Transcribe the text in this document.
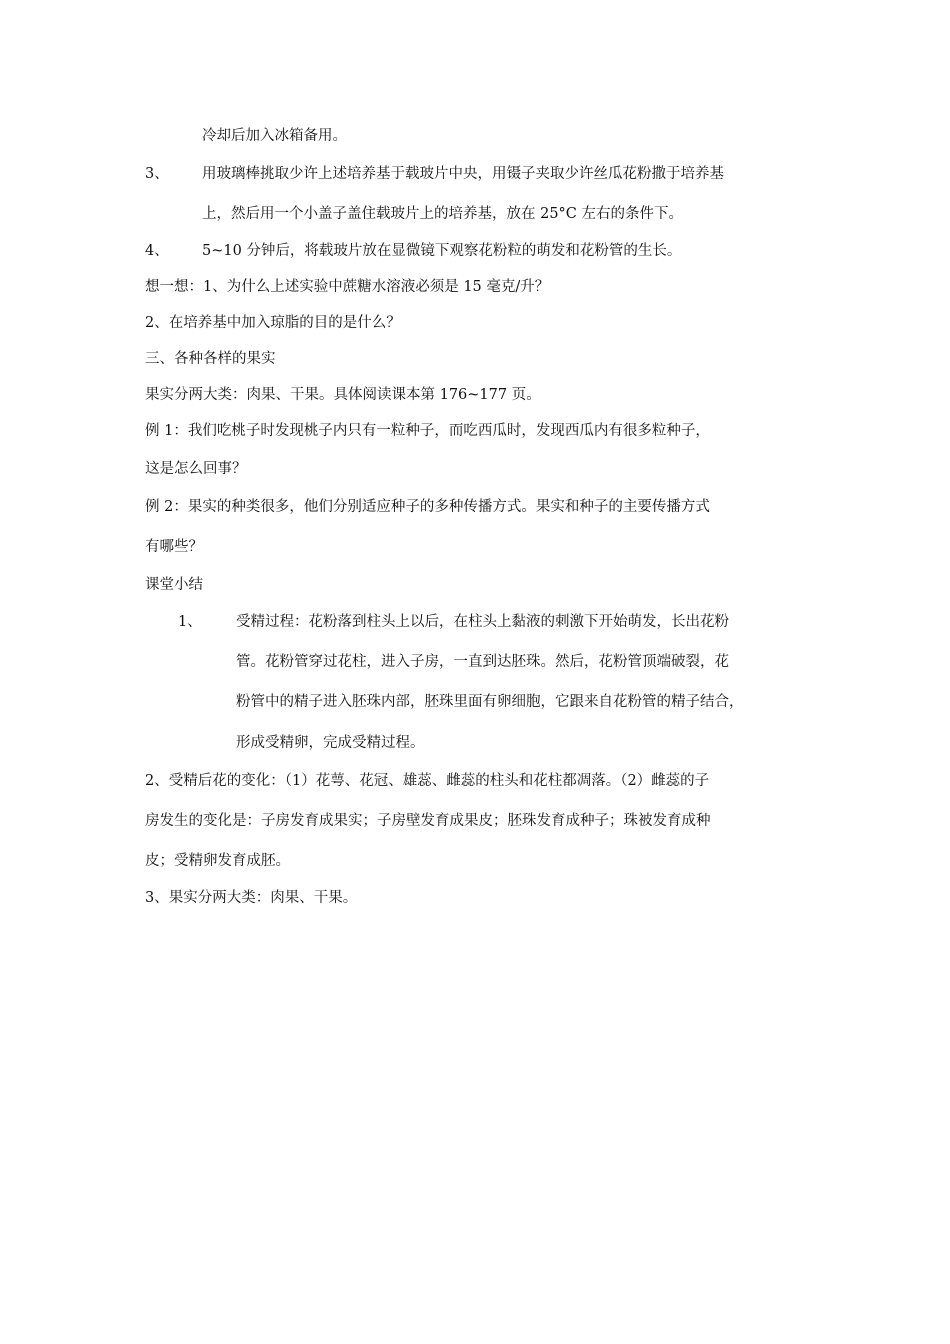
冷却后加入冰箱备用。
3、 用玻璃棒挑取少许上述培养基于载玻片中央，用镊子夹取少许丝瓜花粉撒于培养基
上，然后用一个小盖子盖住载玻片上的培养基，放在 25°C 左右的条件下。
4、 5~10 分钟后，将载玻片放在显微镜下观察花粉粒的萌发和花粉管的生长。
想一想：1、为什么上述实验中蔗糖水溶液必须是 15 毫克/升？
2、在培养基中加入琼脂的目的是什么？
三、各种各样的果实
果实分两大类：肉果、干果。具体阅读课本第 176~177 页。
例 1：我们吃桃子时发现桃子内只有一粒种子，而吃西瓜时，发现西瓜内有很多粒种子，
这是怎么回事？
例 2：果实的种类很多，他们分别适应种子的多种传播方式。果实和种子的主要传播方式
有哪些？
课堂小结
1、 受精过程：花粉落到柱头上以后，在柱头上黏液的刺激下开始萌发，长出花粉
管。花粉管穿过花柱，进入子房，一直到达胚珠。然后，花粉管顶端破裂，花
粉管中的精子进入胚珠内部，胚珠里面有卵细胞，它跟来自花粉管的精子结合，
形成受精卵，完成受精过程。
2、受精后花的变化：（1）花萼、花冠、雄蕊、雌蕊的柱头和花柱都凋落。（2）雌蕊的子
房发生的变化是：子房发育成果实；子房壁发育成果皮；胚珠发育成种子；珠被发育成种
皮；受精卵发育成胚。
3、果实分两大类：肉果、干果。
